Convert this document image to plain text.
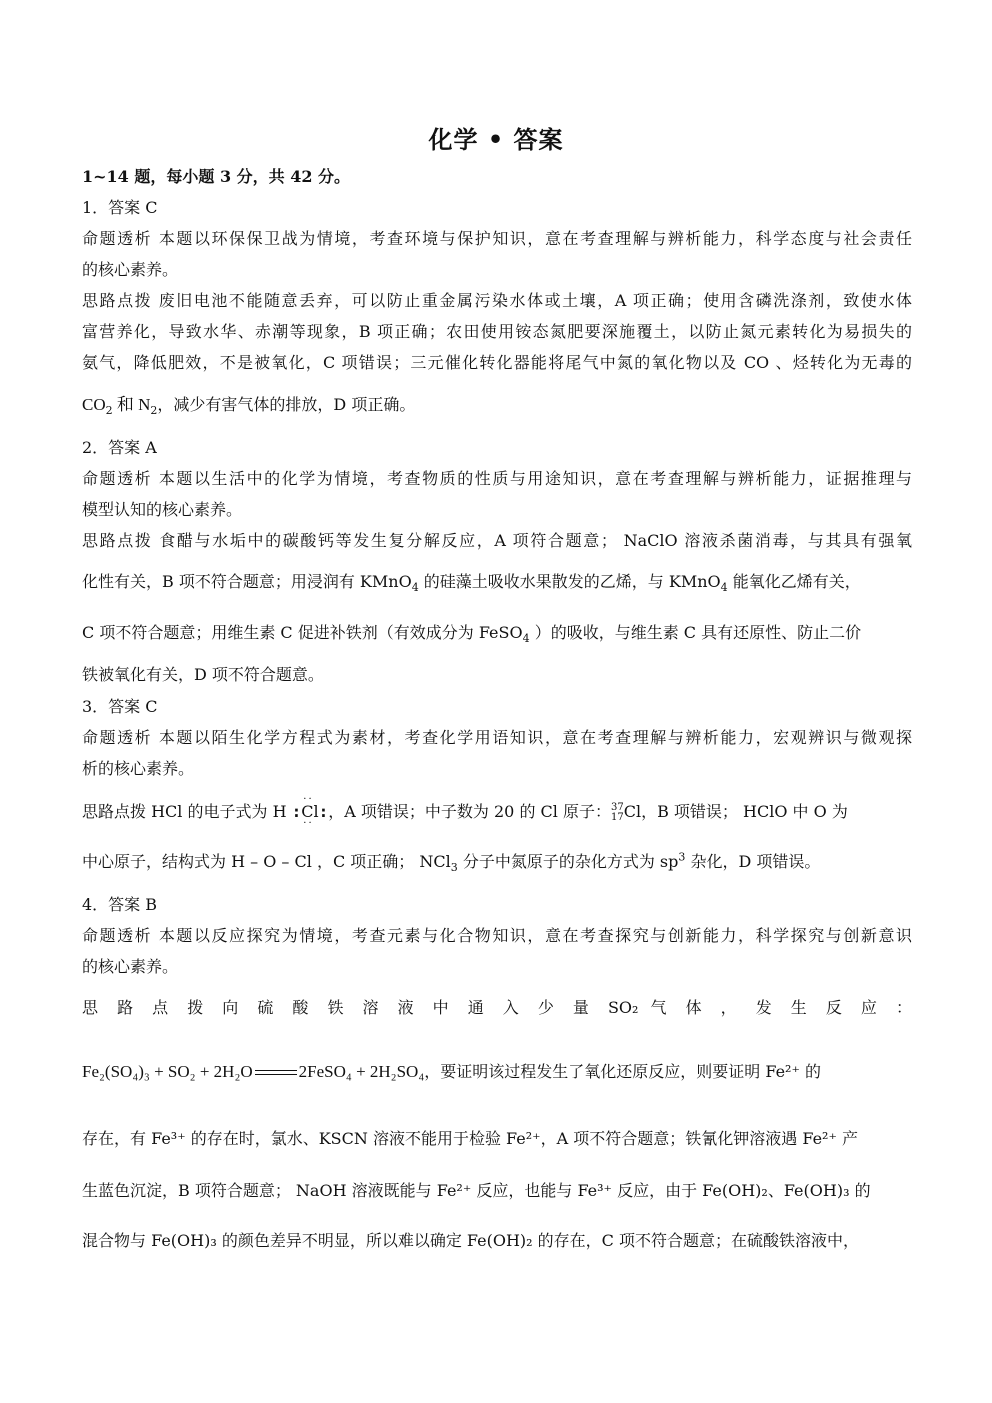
化学 • 答案
1~14 题，每小题 3 分，共 42 分。
1．答案 C
命题透析 本题以环保保卫战为情境，考查环境与保护知识，意在考查理解与辨析能力，科学态度与社会责任
的核心素养。
思路点拨 废旧电池不能随意丢弃，可以防止重金属污染水体或土壤，A 项正确；使用含磷洗涤剂，致使水体
富营养化，导致水华、赤潮等现象，B 项正确；农田使用铵态氮肥要深施覆土，以防止氮元素转化为易损失的
氨气，降低肥效，不是被氧化，C 项错误；三元催化转化器能将尾气中氮的氧化物以及 CO 、烃转化为无毒的
$CO_2$ 和 $N_2$，减少有害气体的排放，D 项正确。
2．答案 A
命题透析 本题以生活中的化学为情境，考查物质的性质与用途知识，意在考查理解与辨析能力，证据推理与
模型认知的核心素养。
思路点拨 食醋与水垢中的碳酸钙等发生复分解反应，A 项符合题意； NaClO 溶液杀菌消毒，与其具有强氧
化性有关，B 项不符合题意；用浸润有 KMnO$_4$ 的硅藻土吸收水果散发的乙烯，与 KMnO$_4$ 能氧化乙烯有关，
C 项不符合题意；用维生素 C 促进补铁剂（有效成分为 FeSO$_4$ ）的吸收，与维生素 C 具有还原性、防止二价
铁被氧化有关，D 项不符合题意。
3．答案 C
命题透析 本题以陌生化学方程式为素材，考查化学用语知识，意在考查理解与辨析能力，宏观辨识与微观探
析的核心素养。
思路点拨 HCl 的电子式为 H :
··
··
Cl:，A 项错误；中子数为 20 的 Cl 原子：37
17Cl，B 项错误； HClO 中 O 为
中心原子，结构式为 H – O – Cl ，C 项正确； NCl$_3$ 分子中氮原子的杂化方式为 $sp^3$ 杂化，D 项错误。
4．答案 B
命题透析 本题以反应探究为情境，考查元素与化合物知识，意在考查探究与创新能力，科学探究与创新意识
的核心素养。
思 路 点 拨 向 硫 酸 铁 溶 液 中 通 入 少 量 SO₂ 气 体 ， 发 生 反 应 ：
Fe₂(SO₄)₃ + SO₂ + 2H₂O	2FeSO₄ + 2H₂SO₄，要证明该过程发生了氧化还原反应，则要证明 Fe²⁺ 的
存在，有 Fe³⁺ 的存在时，氯水、KSCN 溶液不能用于检验 Fe²⁺，A 项不符合题意；铁氰化钾溶液遇 Fe²⁺ 产
生蓝色沉淀，B 项符合题意； NaOH 溶液既能与 Fe²⁺ 反应，也能与 Fe³⁺ 反应，由于 Fe(OH)₂、Fe(OH)₃ 的
混合物与 Fe(OH)₃ 的颜色差异不明显，所以难以确定 Fe(OH)₂ 的存在，C 项不符合题意；在硫酸铁溶液中，
